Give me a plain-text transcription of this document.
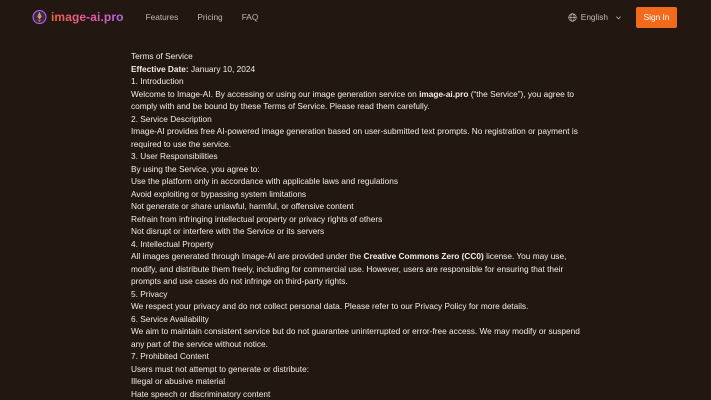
image-ai.pro	Features Pricing FAQ	English	Sign In

Terms of Service

Effective Date: January 10, 2024

1. Introduction

Welcome to Image-AI. By accessing or using our image generation service on image-ai.pro (“the Service”), you agree to comply with and be bound by these Terms of Service. Please read them carefully.

2. Service Description

Image-AI provides free AI-powered image generation based on user-submitted text prompts. No registration or payment is required to use the service.

3. User Responsibilities

By using the Service, you agree to:

Use the platform only in accordance with applicable laws and regulations

Avoid exploiting or bypassing system limitations

Not generate or share unlawful, harmful, or offensive content

Refrain from infringing intellectual property or privacy rights of others

Not disrupt or interfere with the Service or its servers

4. Intellectual Property

All images generated through Image-AI are provided under the Creative Commons Zero (CC0) license. You may use, modify, and distribute them freely, including for commercial use. However, users are responsible for ensuring that their prompts and use cases do not infringe on third-party rights.

5. Privacy

We respect your privacy and do not collect personal data. Please refer to our Privacy Policy for more details.

6. Service Availability

We aim to maintain consistent service but do not guarantee uninterrupted or error-free access. We may modify or suspend any part of the service without notice.

7. Prohibited Content

Users must not attempt to generate or distribute:

Illegal or abusive material

Hate speech or discriminatory content
